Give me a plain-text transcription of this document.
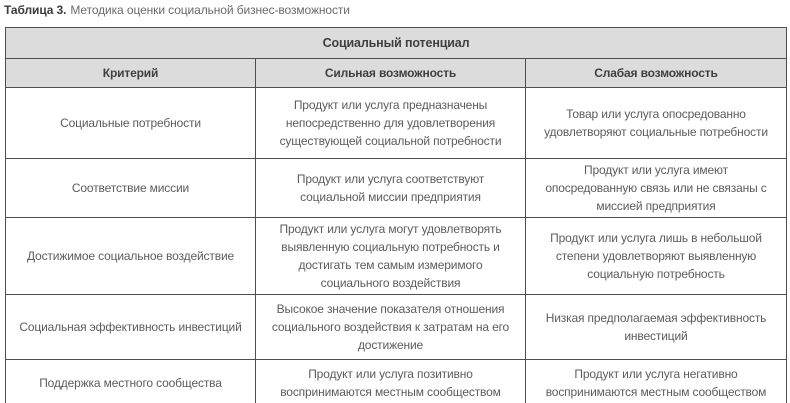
Таблица 3. Методика оценки социальной бизнес-возможности

Социальный потенциал		
Критерий	Сильная возможность	Слабая возможность
Социальные потребности	Продукт или услуга предназначены непосредственно для удовлетворения существующей социальной потребности	Товар или услуга опосредованно удовлетворяют социальные потребности
Соответствие миссии	Продукт или услуга соответствуют социальной миссии предприятия	Продукт или услуга имеют опосредованную связь или не связаны с миссией предприятия
Достижимое социальное воздействие	Продукт или услуга могут удовлетворять выявленную социальную потребность и достигать тем самым измеримого социального воздействия	Продукт или услуга лишь в небольшой степени удовлетворяют выявленную социальную потребность
Социальная эффективность инвестиций	Высокое значение показателя отношения социального воздействия к затратам на его достижение	Низкая предполагаемая эффективность инвестиций
Поддержка местного сообщества	Продукт или услуга позитивно воспринимаются местным сообществом	Продукт или услуга негативно воспринимаются местным сообществом
